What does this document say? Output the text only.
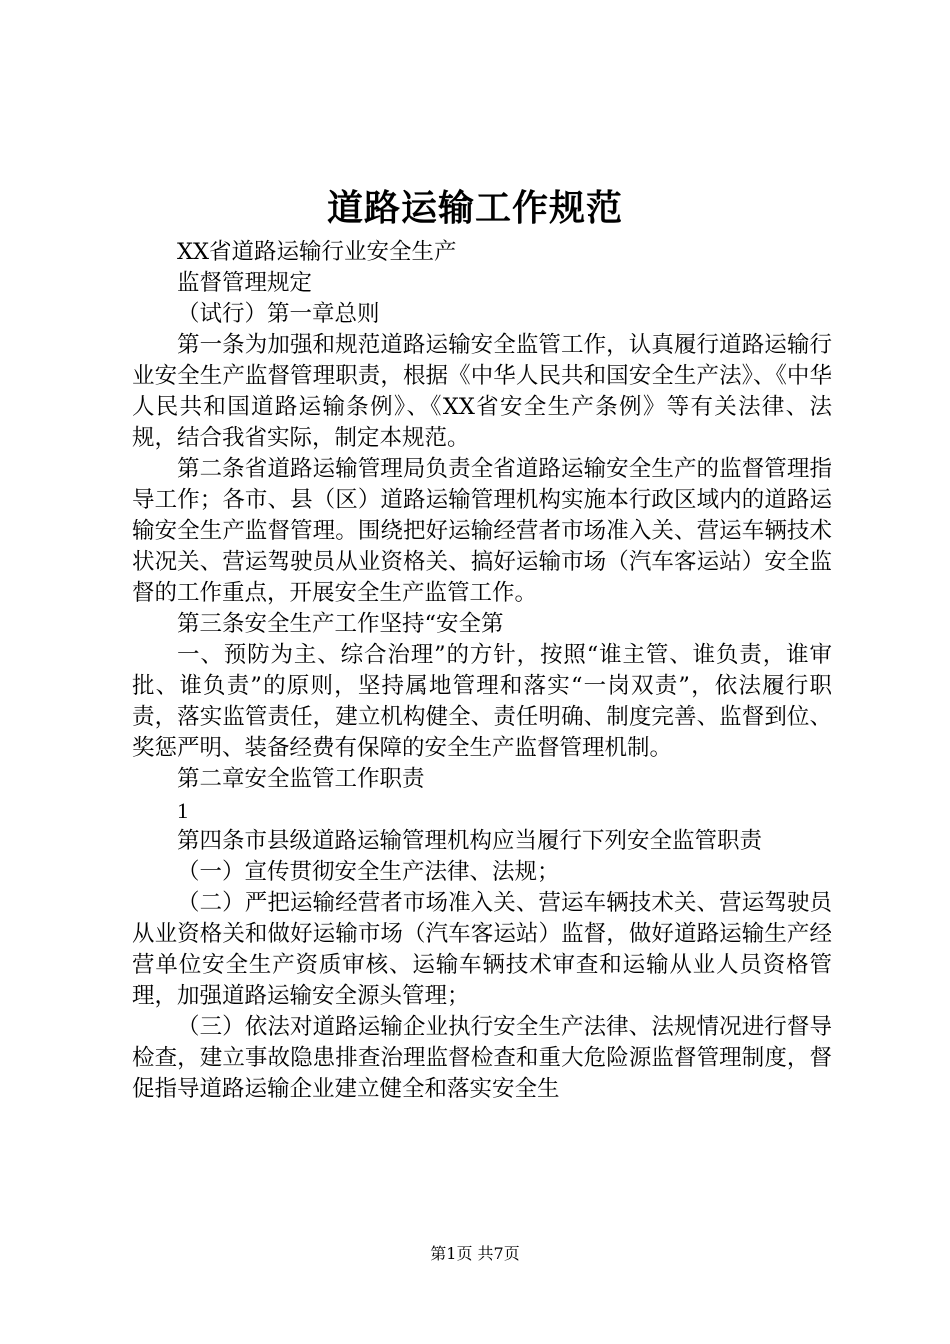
道路运输工作规范

XX省道路运输行业安全生产

监督管理规定

（试行）第一章总则

第一条为加强和规范道路运输安全监管工作，认真履行道路运输行业安全生产监督管理职责，根据《中华人民共和国安全生产法》、《中华人民共和国道路运输条例》、《XX省安全生产条例》等有关法律、法规，结合我省实际，制定本规范。

第二条省道路运输管理局负责全省道路运输安全生产的监督管理指导工作；各市、县（区）道路运输管理机构实施本行政区域内的道路运输安全生产监督管理。围绕把好运输经营者市场准入关、营运车辆技术状况关、营运驾驶员从业资格关、搞好运输市场（汽车客运站）安全监督的工作重点，开展安全生产监管工作。

第三条安全生产工作坚持“安全第

一、预防为主、综合治理”的方针，按照“谁主管、谁负责，谁审批、谁负责”的原则，坚持属地管理和落实“一岗双责”，依法履行职责，落实监管责任，建立机构健全、责任明确、制度完善、监督到位、奖惩严明、装备经费有保障的安全生产监督管理机制。

第二章安全监管工作职责

1

第四条市县级道路运输管理机构应当履行下列安全监管职责

（一）宣传贯彻安全生产法律、法规；

（二）严把运输经营者市场准入关、营运车辆技术关、营运驾驶员从业资格关和做好运输市场（汽车客运站）监督，做好道路运输生产经营单位安全生产资质审核、运输车辆技术审查和运输从业人员资格管理，加强道路运输安全源头管理；

（三）依法对道路运输企业执行安全生产法律、法规情况进行督导检查，建立事故隐患排查治理监督检查和重大危险源监督管理制度，督促指导道路运输企业建立健全和落实安全生

第1页 共7页
